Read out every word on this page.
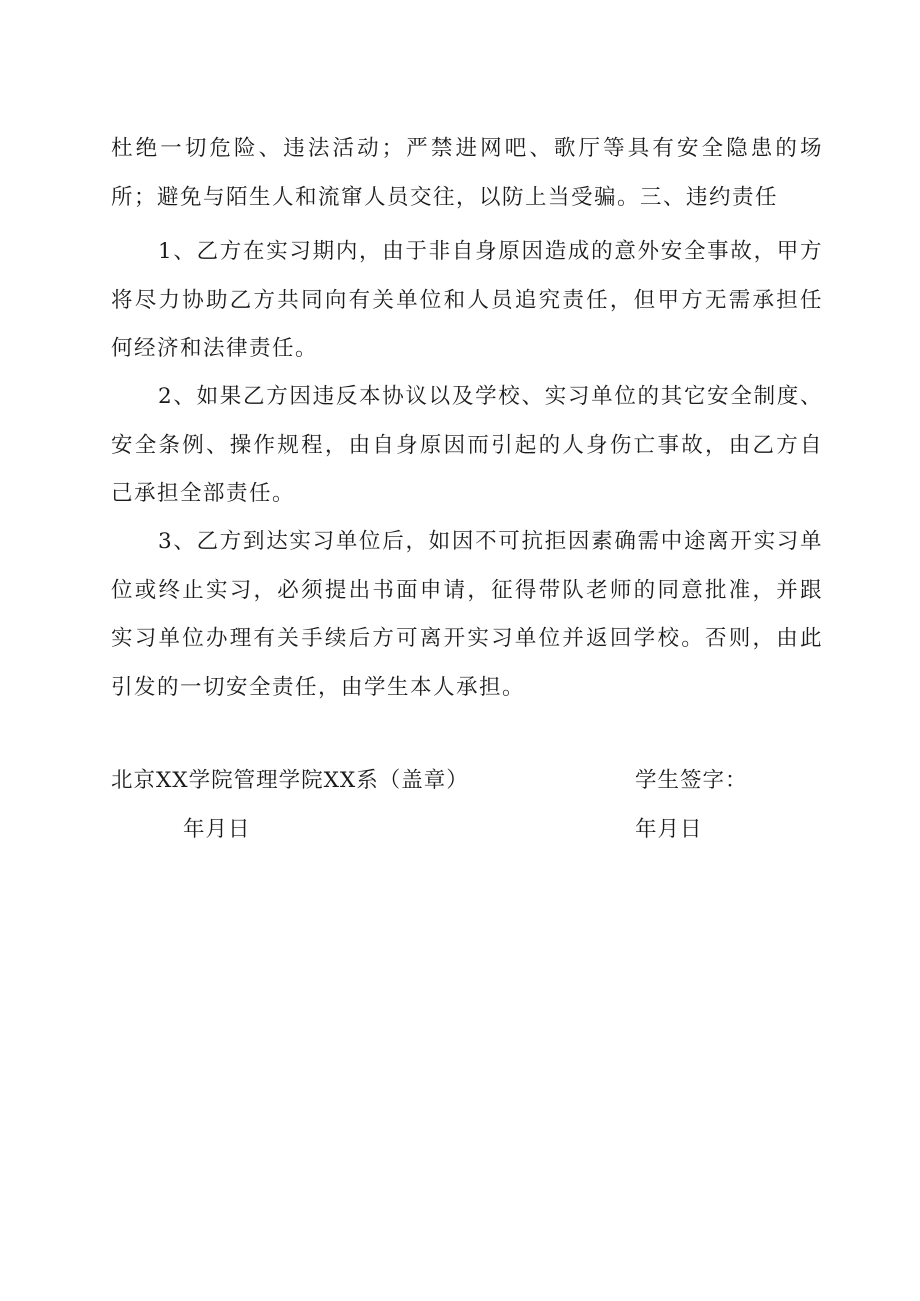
杜绝一切危险、违法活动；严禁进网吧、歌厅等具有安全隐患的场所；避免与陌生人和流窜人员交往，以防上当受骗。三、违约责任

1、乙方在实习期内，由于非自身原因造成的意外安全事故，甲方将尽力协助乙方共同向有关单位和人员追究责任，但甲方无需承担任何经济和法律责任。

2、如果乙方因违反本协议以及学校、实习单位的其它安全制度、安全条例、操作规程，由自身原因而引起的人身伤亡事故，由乙方自己承担全部责任。

3、乙方到达实习单位后，如因不可抗拒因素确需中途离开实习单位或终止实习，必须提出书面申请，征得带队老师的同意批准，并跟实习单位办理有关手续后方可离开实习单位并返回学校。否则，由此引发的一切安全责任，由学生本人承担。

北京XX学院管理学院XX系（盖章）	学生签字：
年月日	年月日
